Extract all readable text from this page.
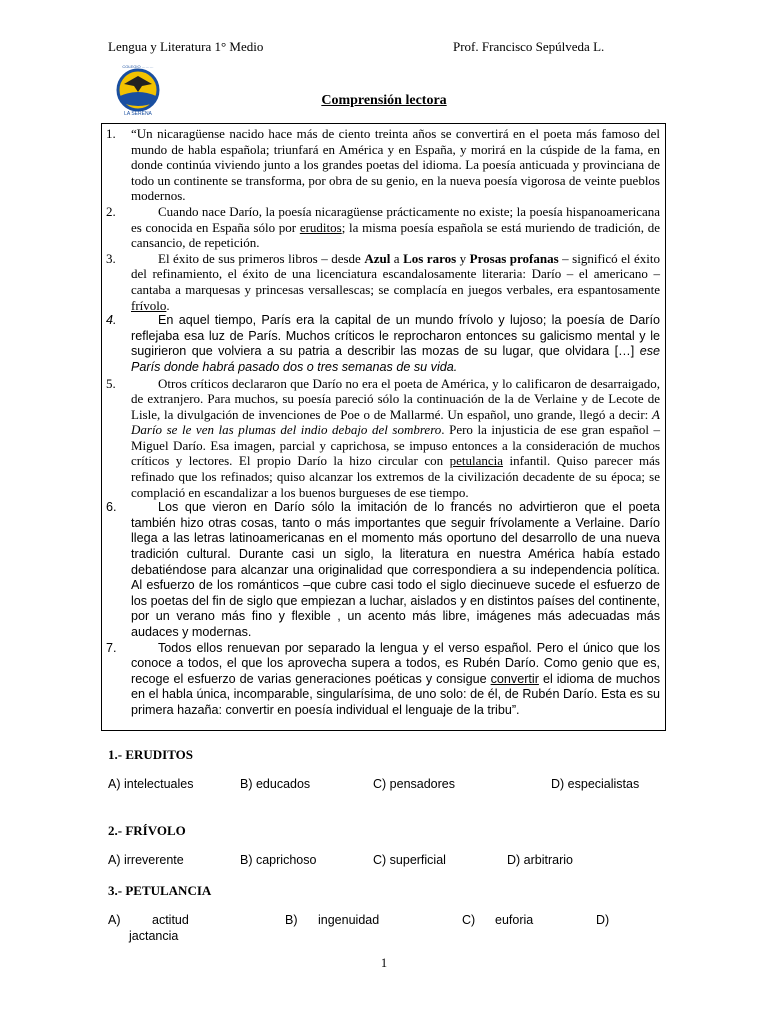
Lengua y Literatura 1° Medio	Prof. Francisco Sepúlveda L.
COLEGIO ………
LA SERENA
Comprensión lectora
1. “Un nicaragüense nacido hace más de ciento treinta años se convertirá en el poeta más famoso del mundo de habla española; triunfará en América y en España, y morirá en la cúspide de la fama, en donde continúa viviendo junto a los grandes poetas del idioma. La poesía anticuada y provinciana de todo un continente se transforma, por obra de su genio, en la nueva poesía vigorosa de veinte pueblos modernos.
2.	Cuando nace Darío, la poesía nicaragüense prácticamente no existe; la poesía hispanoamericana es conocida en España sólo por eruditos; la misma poesía española se está muriendo de tradición, de cansancio, de repetición.
3.	El éxito de sus primeros libros – desde Azul a Los raros y Prosas profanas – significó el éxito del refinamiento, el éxito de una licenciatura escandalosamente literaria: Darío – el americano – cantaba a marquesas y princesas versallescas; se complacía en juegos verbales, era espantosamente frívolo.
4.	En aquel tiempo, París era la capital de un mundo frívolo y lujoso; la poesía de Darío reflejaba esa luz de París. Muchos críticos le reprocharon entonces su galicismo mental y le sugirieron que volviera a su patria a describir las mozas de su lugar, que olvidara […] ese París donde habrá pasado dos o tres semanas de su vida.
5.	Otros críticos declararon que Darío no era el poeta de América, y lo calificaron de desarraigado, de extranjero. Para muchos, su poesía pareció sólo la continuación de la de Verlaine y de Lecote de Lisle, la divulgación de invenciones de Poe o de Mallarmé. Un español, uno grande, llegó a decir: A Darío se le ven las plumas del indio debajo del sombrero. Pero la injusticia de ese gran español – Miguel Darío. Esa imagen, parcial y caprichosa, se impuso entonces a la consideración de muchos críticos y lectores. El propio Darío la hizo circular con petulancia infantil. Quiso parecer más refinado que los refinados; quiso alcanzar los extremos de la civilización decadente de su época; se complació en escandalizar a los buenos burgueses de ese tiempo.
6.	Los que vieron en Darío sólo la imitación de lo francés no advirtieron que el poeta también hizo otras cosas, tanto o más importantes que seguir frívolamente a Verlaine. Darío llega a las letras latinoamericanas en el momento más oportuno del desarrollo de una nueva tradición cultural. Durante casi un siglo, la literatura en nuestra América había estado debatiéndose para alcanzar una originalidad que correspondiera a su independencia política. Al esfuerzo de los románticos –que cubre casi todo el siglo diecinueve sucede el esfuerzo de los poetas del fin de siglo que empiezan a luchar, aislados y en distintos países del continente, por un verano más fino y flexible , un acento más libre, imágenes más adecuadas más audaces y modernas.
7.	Todos ellos renuevan por separado la lengua y el verso español. Pero el único que los conoce a todos, el que los aprovecha supera a todos, es Rubén Darío. Como genio que es, recoge el esfuerzo de varias generaciones poéticas y consigue convertir el idioma de muchos en el habla única, incomparable, singularísima, de uno solo: de él, de Rubén Darío. Esta es su primera hazaña: convertir en poesía individual el lenguaje de la tribu”.
1.- ERUDITOS
A) intelectuales	B) educados	C) pensadores	D) especialistas
2.- FRÍVOLO
A) irreverente	B) caprichoso	C) superficial	D) arbitrario
3.- PETULANCIA
A)	actitud	B) ingenuidad	C) euforia	D)
jactancia
1
